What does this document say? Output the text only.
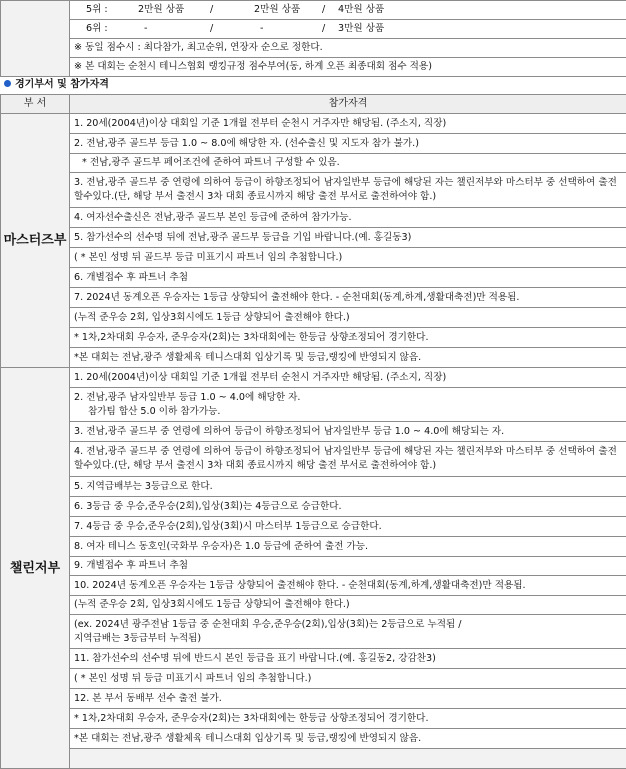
	5위 :	2만원 상품	/	2만원 상품 / 4만원 상품
6위 :	-	/	-	/ 3만원 상품
※ 동일 점수시 : 최다참가, 최고순위, 연장자 순으로 정한다.
※ 본 대회는 순천시 테니스협회 랭킹규정 점수부여(동, 하계 오픈 최종대회 점수 적용)
경기부서 및 참가자격
부 서	참가자격	
마스터즈부	1. 20세(2004년)이상 대회일 기준 1개월 전부터 순천시 거주자만 해당됨. (주소지, 직장)	
	2. 전남,광주 골드부 등급 1.0 ~ 8.0에 해당한 자. (선수출신 및 지도자 참가 불가.)	
	* 전남,광주 골드부 페어조건에 준하여 파트너 구성할 수 있음.	
	3. 전남,광주 골드부 중 연령에 의하여 등급이 하향조정되어 남자일반부 등급에 해당된 자는 챌린저부와 마스터부 중 선택하여 출전할수있다.(단, 해당 부서 출전시 3차 대회 종료시까지 해당 출전 부서로 출전하여야 함.)	
	4. 여자선수출신은 전남,광주 골드부 본인 등급에 준하여 참가가능.	
	5. 참가선수의 선수명 뒤에 전남,광주 골드부 등급을 기입 바랍니다.(예. 홍길동3)	
	( * 본인 성명 뒤 골드부 등급 미표기시 파트너 임의 추첨합니다.)	
	6. 개별접수 후 파트너 추첨	
	7. 2024년 동계오픈 우승자는 1등급 상향되어 출전해야 한다. - 순천대회(동계,하계,생활대축전)만 적용됨.	
	(누적 준우승 2회, 입상3회시에도 1등급 상향되어 출전해야 한다.)	
	* 1차,2차대회 우승자, 준우승자(2회)는 3차대회에는 한등급 상향조정되어 경기한다.	
	*본 대회는 전남,광주 생활체육 테니스대회 입상기록 및 등급,랭킹에 반영되지 않음.	
챌린저부	1. 20세(2004년)이상 대회일 기준 1개월 전부터 순천시 거주자만 해당됨. (주소지, 직장)	

	2. 전남,광주 남자일반부 등급 1.0 ~ 4.0에 해당한 자.
참가팀 합산 5.0 이하 참가가능.	

	3. 전남,광주 골드부 중 연령에 의하여 등급이 하향조정되어 남자일반부 등급 1.0 ~ 4.0에 해당되는 자.	
	4. 전남,광주 골드부 중 연령에 의하여 등급이 하향조정되어 남자일반부 등급에 해당된 자는 챌린저부와 마스터부 중 선택하여 출전할수있다.(단, 해당 부서 출전시 3차 대회 종료시까지 해당 출전 부서로 출전하여야 함.)	
	5. 지역급배부는 3등급으로 한다.	
	6. 3등급 중 우승,준우승(2회),입상(3회)는 4등급으로 승급한다.	
	7. 4등급 중 우승,준우승(2회),입상(3회)시 마스터부 1등급으로 승급한다.	
	8. 여자 테니스 동호인(국화부 우승자)은 1.0 등급에 준하여 출전 가능.	
	9. 개별접수 후 파트너 추첨	
	10. 2024년 동계오픈 우승자는 1등급 상향되어 출전해야 한다. - 순천대회(동계,하계,생활대축전)만 적용됨.	
	(누적 준우승 2회, 입상3회시에도 1등급 상향되어 출전해야 한다.)	

	(ex. 2024년 광주전남 1등급 중 순천대회 우승,준우승(2회),입상(3회)는 2등급으로 누적됨 /
지역급배는 3등급부터 누적됨)	

	11. 참가선수의 선수명 뒤에 반드시 본인 등급을 표기 바랍니다.(예. 홍길동2, 강감찬3)	
	( * 본인 성명 뒤 등급 미표기시 파트너 임의 추첨합니다.)	
	12. 본 부서 동배부 선수 출전 불가.	
	* 1차,2차대회 우승자, 준우승자(2회)는 3차대회에는 한등급 상향조정되어 경기한다.	
	*본 대회는 전남,광주 생활체육 테니스대회 입상기록 및 등급,랭킹에 반영되지 않음.	
